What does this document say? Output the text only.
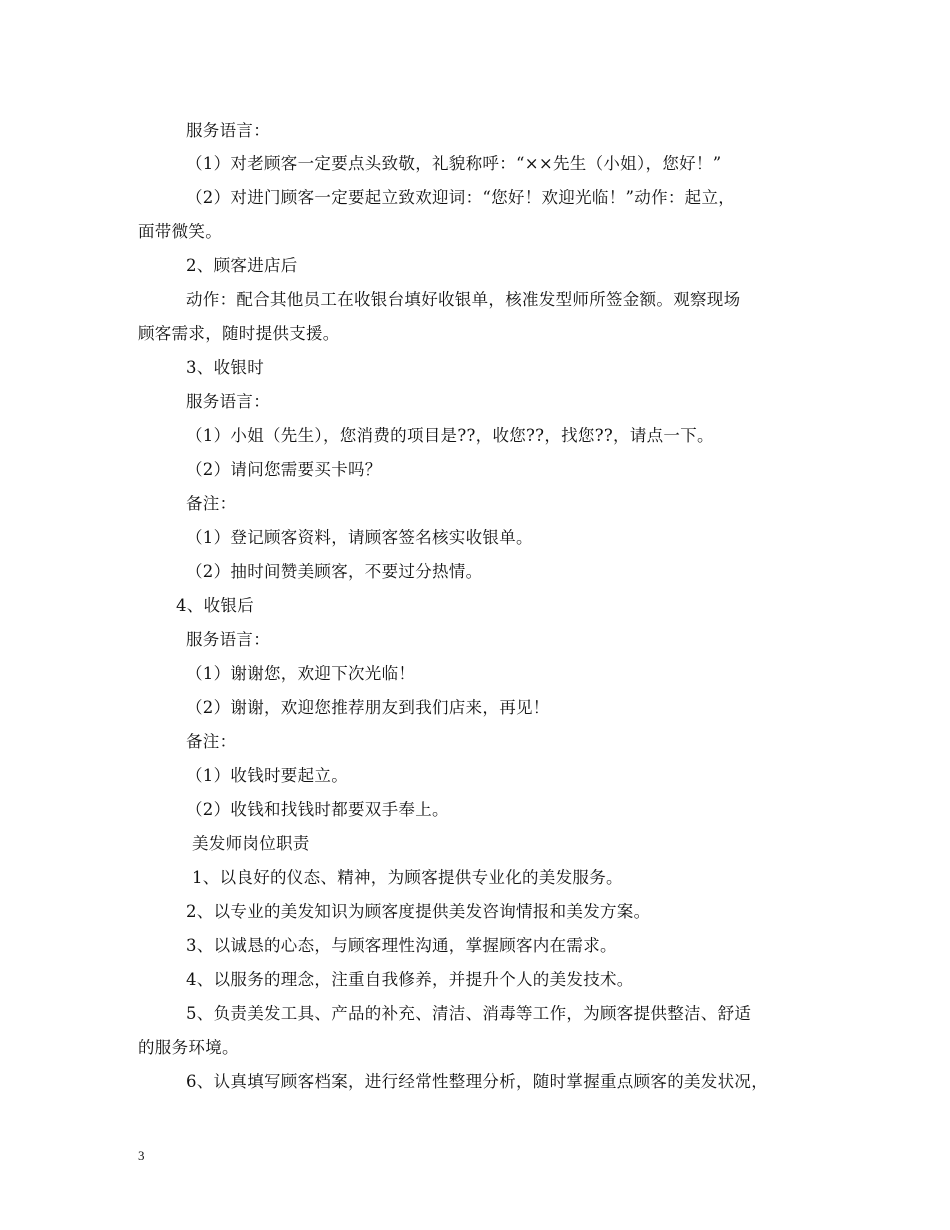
服务语言：
（1）对老顾客一定要点头致敬，礼貌称呼：“××先生（小姐），您好！”
（2）对进门顾客一定要起立致欢迎词：“您好！欢迎光临！”动作：起立，
面带微笑。
2、顾客进店后
动作：配合其他员工在收银台填好收银单，核准发型师所签金额。观察现场
顾客需求，随时提供支援。
3、收银时
服务语言：
（1）小姐（先生），您消费的项目是??，收您??，找您??，请点一下。
（2）请问您需要买卡吗？
备注：
（1）登记顾客资料，请顾客签名核实收银单。
（2）抽时间赞美顾客，不要过分热情。
4、收银后
服务语言：
（1）谢谢您，欢迎下次光临！
（2）谢谢，欢迎您推荐朋友到我们店来，再见！
备注：
（1）收钱时要起立。
（2）收钱和找钱时都要双手奉上。
美发师岗位职责
1、以良好的仪态、精神，为顾客提供专业化的美发服务。
2、以专业的美发知识为顾客度提供美发咨询情报和美发方案。
3、以诚恳的心态，与顾客理性沟通，掌握顾客内在需求。
4、以服务的理念，注重自我修养，并提升个人的美发技术。
5、负责美发工具、产品的补充、清洁、消毒等工作，为顾客提供整洁、舒适
的服务环境。
6、认真填写顾客档案，进行经常性整理分析，随时掌握重点顾客的美发状况，
3
